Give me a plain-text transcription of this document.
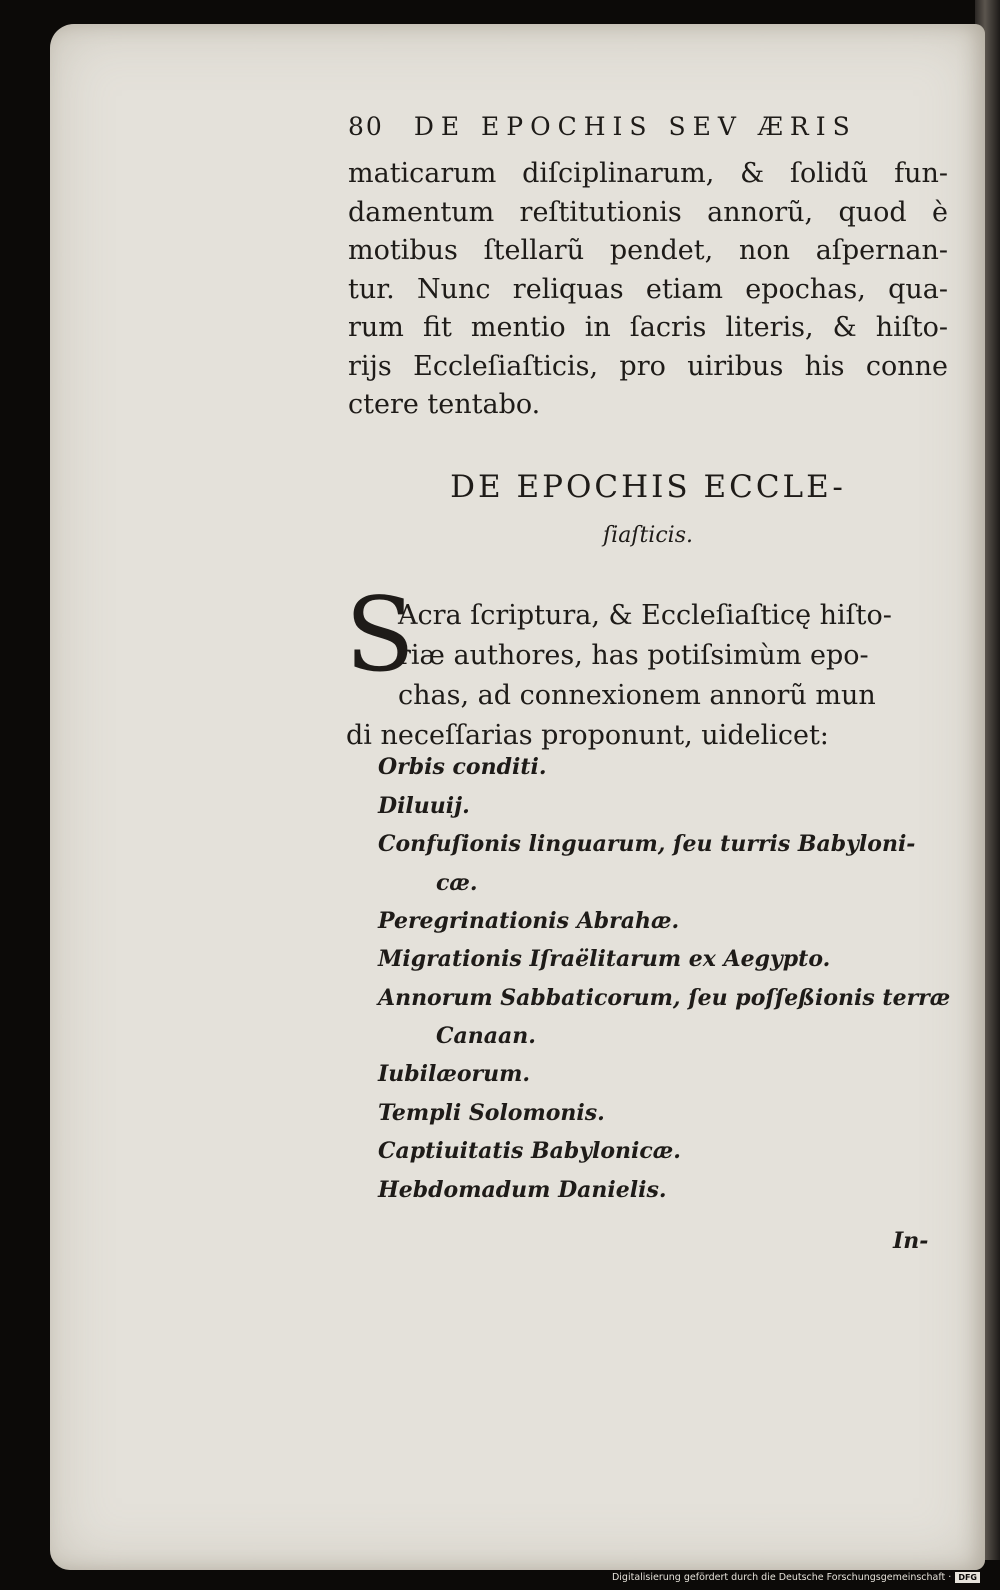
80 DE EPOCHIS SEV ÆRIS
maticarum diſciplinarum, & ſolidũ fun-
damentum reſtitutionis annorũ, quod è
motibus ſtellarũ pendet, non aſpernan-
tur. Nunc reliquas etiam epochas, qua-
rum fit mentio in ſacris literis, & hiſto-
rijs Eccleſiaſticis, pro uiribus his conne
ctere tentabo.
DE EPOCHIS ECCLE-
ſiaſticis.
S
Acra ſcriptura, & Eccleſiaſticę hiſto-
riæ authores, has potiſsimùm epo-
chas, ad connexionem annorũ mun
di neceſſarias proponunt, uidelicet:
Orbis conditi.
Diluuij.
Confuſionis linguarum, ſeu turris Babyloni-
cæ.
Peregrinationis Abrahæ.
Migrationis Iſraëlitarum ex Aegypto.
Annorum Sabbaticorum, ſeu poſſeßionis terræ
Canaan.
Iubilæorum.
Templi Solomonis.
Captiuitatis Babylonicæ.
Hebdomadum Danielis.
In-
Digitalisierung gefördert durch die Deutsche Forschungsgemeinschaft · DFG
